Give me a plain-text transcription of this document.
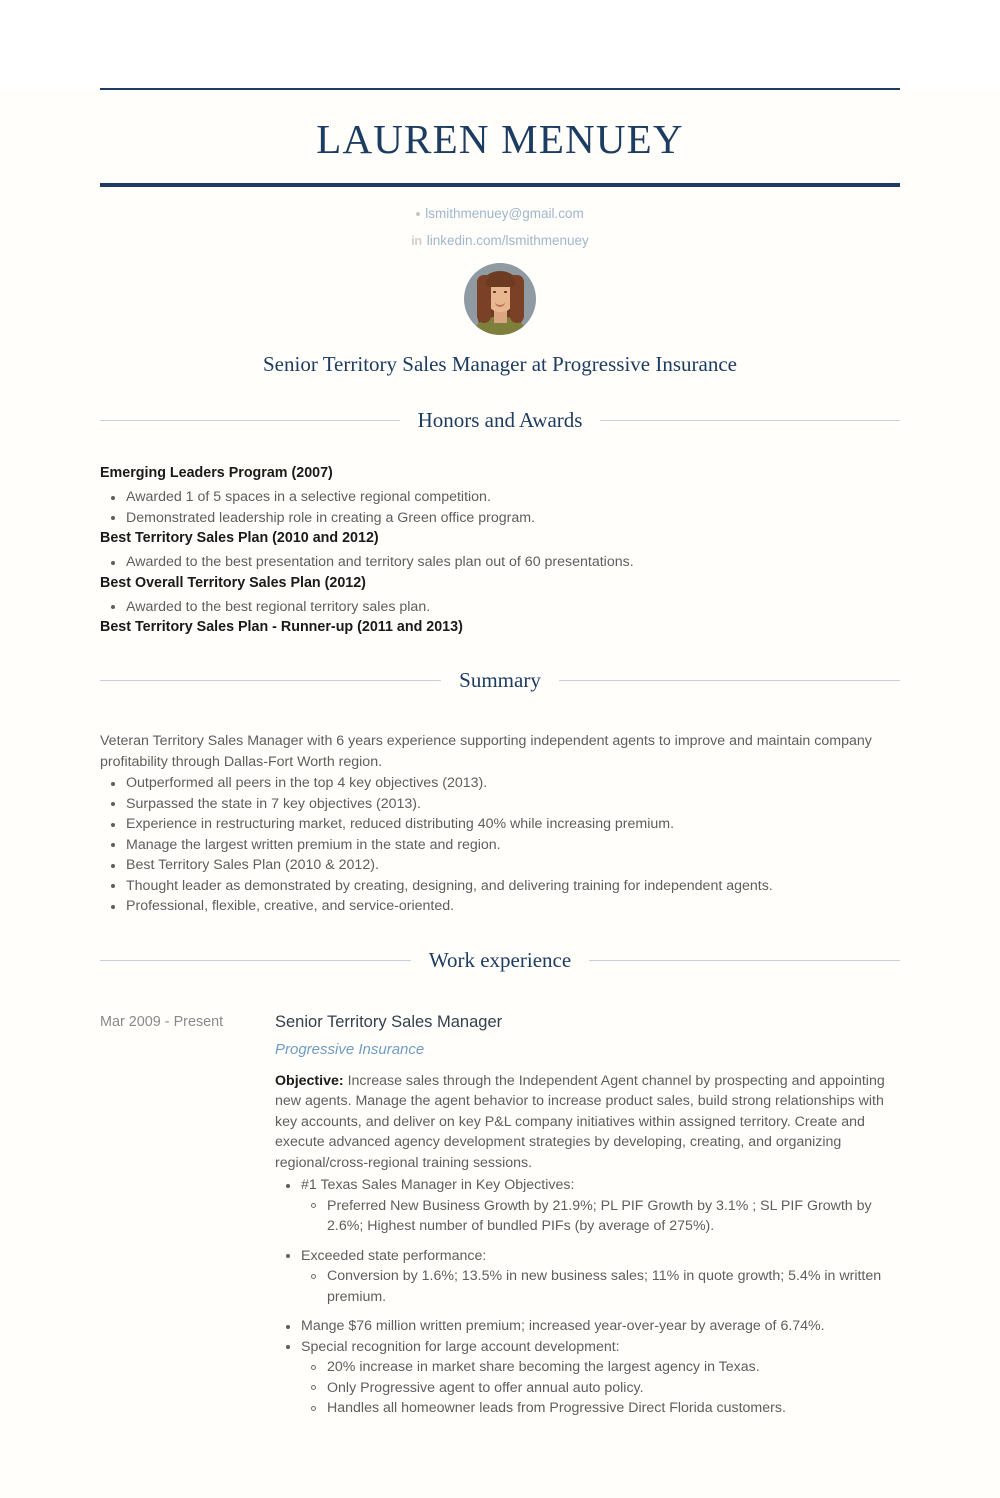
LAUREN MENUEY
lsmithmenuey@gmail.com
in linkedin.com/lsmithmenuey
Senior Territory Sales Manager at Progressive Insurance
Honors and Awards
Emerging Leaders Program (2007)
Awarded 1 of 5 spaces in a selective regional competition.
Demonstrated leadership role in creating a Green office program.
Best Territory Sales Plan (2010 and 2012)
Awarded to the best presentation and territory sales plan out of 60 presentations.
Best Overall Territory Sales Plan (2012)
Awarded to the best regional territory sales plan.
Best Territory Sales Plan - Runner-up (2011 and 2013)
Summary

Veteran Territory Sales Manager with 6 years experience supporting independent agents to improve and maintain company profitability through Dallas-Fort Worth region.

Outperformed all peers in the top 4 key objectives (2013).
Surpassed the state in 7 key objectives (2013).
Experience in restructuring market, reduced distributing 40% while increasing premium.
Manage the largest written premium in the state and region.
Best Territory Sales Plan (2010 & 2012).
Thought leader as demonstrated by creating, designing, and delivering training for independent agents.
Professional, flexible, creative, and service-oriented.
Work experience
Mar 2009 - Present	Senior Territory Sales Manager
Progressive Insurance
Objective: Increase sales through the Independent Agent channel by prospecting and appointing new agents. Manage the agent behavior to increase product sales, build strong relationships with key accounts, and deliver on key P&L company initiatives within assigned territory. Create and execute advanced agency development strategies by developing, creating, and organizing regional/cross-regional training sessions.
#1 Texas Sales Manager in Key Objectives:
Preferred New Business Growth by 21.9%; PL PIF Growth by 3.1% ; SL PIF Growth by 2.6%; Highest number of bundled PIFs (by average of 275%).
Exceeded state performance:
Conversion by 1.6%; 13.5% in new business sales; 11% in quote growth; 5.4% in written premium.
Mange $76 million written premium; increased year-over-year by average of 6.74%.
Special recognition for large account development:
20% increase in market share becoming the largest agency in Texas.
Only Progressive agent to offer annual auto policy.
Handles all homeowner leads from Progressive Direct Florida customers.
